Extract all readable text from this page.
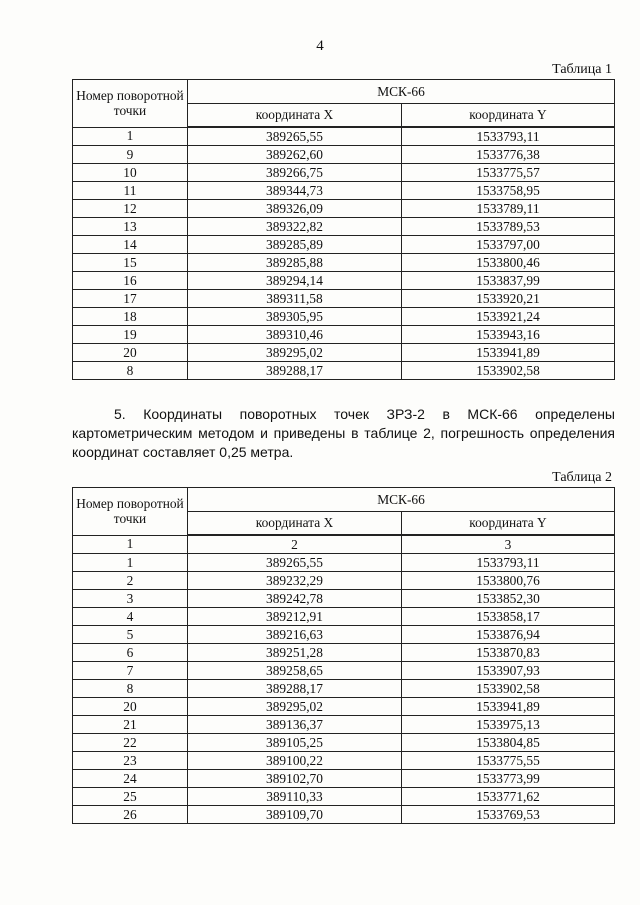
4
Таблица 1
Номер поворотной точки	МСК-66	
	координата X	координата Y
1	389265,55	1533793,11
9	389262,60	1533776,38
10	389266,75	1533775,57
11	389344,73	1533758,95
12	389326,09	1533789,11
13	389322,82	1533789,53
14	389285,89	1533797,00
15	389285,88	1533800,46
16	389294,14	1533837,99
17	389311,58	1533920,21
18	389305,95	1533921,24
19	389310,46	1533943,16
20	389295,02	1533941,89
8	389288,17	1533902,58
5. Координаты поворотных точек ЗРЗ-2 в МСК-66 определены картометрическим методом и приведены в таблице 2, погрешность определения координат составляет 0,25 метра.
Таблица 2
Номер поворотной точки	МСК-66	
	координата X	координата Y
1	2	3
1	389265,55	1533793,11
2	389232,29	1533800,76
3	389242,78	1533852,30
4	389212,91	1533858,17
5	389216,63	1533876,94
6	389251,28	1533870,83
7	389258,65	1533907,93
8	389288,17	1533902,58
20	389295,02	1533941,89
21	389136,37	1533975,13
22	389105,25	1533804,85
23	389100,22	1533775,55
24	389102,70	1533773,99
25	389110,33	1533771,62
26	389109,70	1533769,53
